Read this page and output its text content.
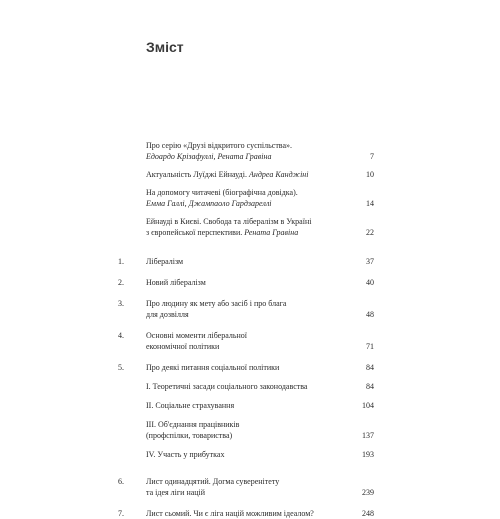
Зміст
Про серію «Друзі відкритого суспільства».
Едоардо Крізафуллі, Рената Гравіна	7
Актуальність Луїджі Ейнауді. Андреа Канджіні	10
На допомогу читачеві (біографічна довідка).
Емма Галлі, Джампаоло Гардзареллі	14
Ейнауді в Києві. Свобода та лібералізм в Україні
з європейської перспективи. Рената Гравіна	22
1.	Лібералізм	37
2.	Новий лібералізм	40
3.	Про людину як мету або засіб і про блага
для дозвілля	48
4.	Основні моменти ліберальної
економічної політики	71
5.	Про деякі питання соціальної політики	84
I. Теоретичні засади соціального законодавства	84
II. Соціальне страхування	104
III. Об'єднання працівників
(профспілки, товариства)	137
IV. Участь у прибутках	193
6.	Лист одинадцятий. Догма суверенітету
та ідея ліги націй	239
7.	Лист сьомий. Чи є ліга націй можливим ідеалом?	248
